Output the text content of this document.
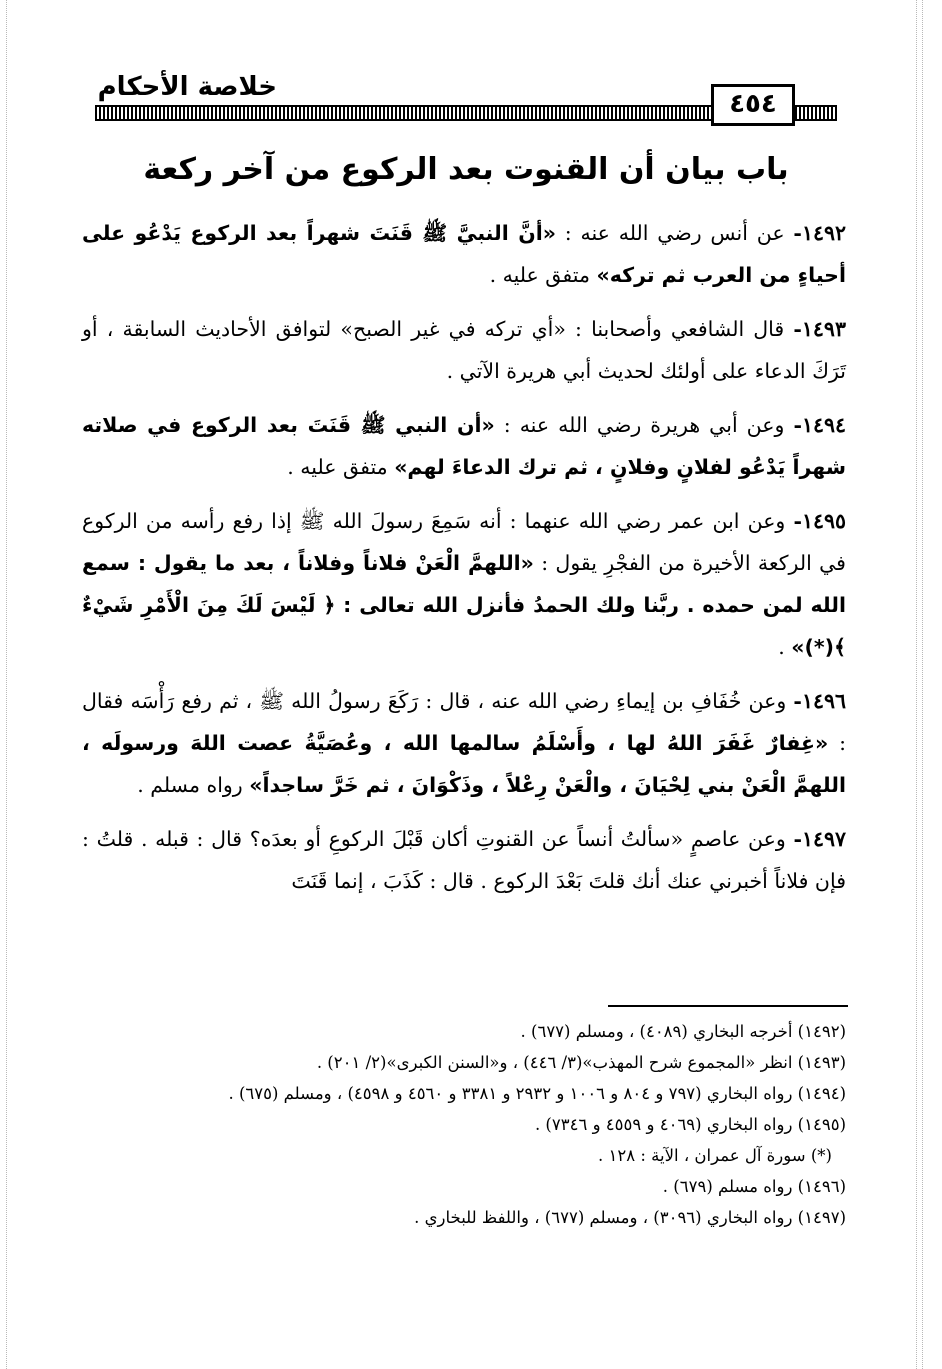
خلاصة الأحكام
٤٥٤
باب بيان أن القنوت بعد الركوع من آخر ركعة

١٤٩٢- عن أنس رضي الله عنه : «أنَّ النبيَّ ﷺ قَنَتَ شهراً بعد الركوع يَدْعُو على أحياءٍ من العرب ثم تركه» متفق عليه .

١٤٩٣- قال الشافعي وأصحابنا : «أي تركه في غير الصبح» لتوافق الأحاديث السابقة ، أو تَرَكَ الدعاء على أولئك لحديث أبي هريرة الآتي .

١٤٩٤- وعن أبي هريرة رضي الله عنه : «أن النبي ﷺ قَنَتَ بعد الركوع في صلاته شهراً يَدْعُو لفلانٍ وفلانٍ ، ثم ترك الدعاءَ لهم» متفق عليه .

١٤٩٥- وعن ابن عمر رضي الله عنهما : أنه سَمِعَ رسولَ الله ﷺ إذا رفع رأسه من الركوع في الركعة الأخيرة من الفجْرِ يقول : «اللهمَّ الْعَنْ فلاناً وفلاناً ، بعد ما يقول : سمع الله لمن حمده . ربَّنا ولك الحمدُ فأنزل الله تعالى : ﴿ لَيْسَ لَكَ مِنَ الْأَمْرِ شَيْءٌ ﴾(*)» .

١٤٩٦- وعن خُفَافِ بن إيماءِ رضي الله عنه ، قال : رَكَعَ رسولُ الله ﷺ ، ثم رفع رَأْسَه فقال : «غِفارٌ غَفَرَ اللهُ لها ، وأَسْلَمُ سالمها الله ، وعُصَيَّةُ عصت اللهَ ورسولَه ، اللهمَّ الْعَنْ بني لِحْيَانَ ، والْعَنْ رِعْلاً ، وذَكْوَانَ ، ثم خَرَّ ساجداً» رواه مسلم .

١٤٩٧- وعن عاصمٍ «سألتُ أنساً عن القنوتِ أكان قَبْلَ الركوعِ أو بعدَه؟ قال : قبله . قلتُ : فإن فلاناً أخبرني عنك أنك قلتَ بَعْدَ الركوع . قال : كَذَبَ ، إنما قَنَتَ

(١٤٩٢) أخرجه البخاري (٤٠٨٩) ، ومسلم (٦٧٧) .

(١٤٩٣) انظر «المجموع شرح المهذب»(٣/ ٤٤٦) ، و«السنن الكبرى»(٢/ ٢٠١) .

(١٤٩٤) رواه البخاري (٧٩٧ و ٨٠٤ و ١٠٠٦ و ٢٩٣٢ و ٣٣٨١ و ٤٥٦٠ و ٤٥٩٨) ، ومسلم (٦٧٥) .

(١٤٩٥) رواه البخاري (٤٠٦٩ و ٤٥٥٩ و ٧٣٤٦) .

(*) سورة آل عمران ، الآية : ١٢٨ .

(١٤٩٦) رواه مسلم (٦٧٩) .

(١٤٩٧) رواه البخاري (٣٠٩٦) ، ومسلم (٦٧٧) ، واللفظ للبخاري .
